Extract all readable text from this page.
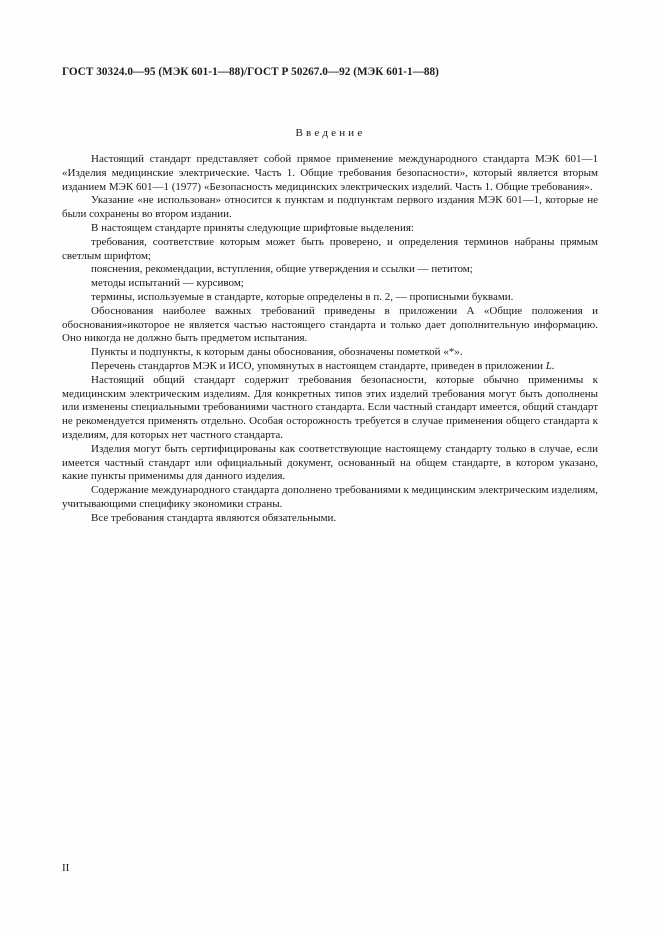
ГОСТ 30324.0—95 (МЭК 601-1—88)/ГОСТ Р 50267.0—92 (МЭК 601-1—88)
Введение

Настоящий стандарт представляет собой прямое применение международного стандарта МЭК 601—1 «Изделия медицинские электрические. Часть 1. Общие требования безопасности», который является вторым изданием МЭК 601—1 (1977) «Безопасность медицинских электрических изделий. Часть 1. Общие требования».

Указание «не использован» относится к пунктам и подпунктам первого издания МЭК 601—1, которые не были сохранены во втором издании.

В настоящем стандарте приняты следующие шрифтовые выделения:

требования, соответствие которым может быть проверено, и определения терминов набраны прямым светлым шрифтом;

пояснения, рекомендации, вступления, общие утверждения и ссылки — петитом;

методы испытаний — курсивом;

термины, используемые в стандарте, которые определены в п. 2, — прописными буквами.

Обоснования наиболее важных требований приведены в приложении А «Общие положения и обоснования»икоторое не является частью настоящего стандарта и только дает дополнительную информацию. Оно никогда не должно быть предметом испытания.

Пункты и подпункты, к которым даны обоснования, обозначены пометкой «*».

Перечень стандартов МЭК и ИСО, упомянутых в настоящем стандарте, приведен в приложении L.

Настоящий общий стандарт содержит требования безопасности, которые обычно применимы к медицинским электрическим изделиям. Для конкретных типов этих изделий требования могут быть дополнены или изменены специальными требованиями частного стандарта. Если частный стандарт имеется, общий стандарт не рекомендуется применять отдельно. Особая осторожность требуется в случае применения общего стандарта к изделиям, для которых нет частного стандарта.

Изделия могут быть сертифицированы как соответствующие настоящему стандарту только в случае, если имеется частный стандарт или официальный документ, основанный на общем стандарте, в котором указано, какие пункты применимы для данного изделия.

Содержание международного стандарта дополнено требованиями к медицинским электрическим изделиям, учитывающими специфику экономики страны.

Все требования стандарта являются обязательными.

II
